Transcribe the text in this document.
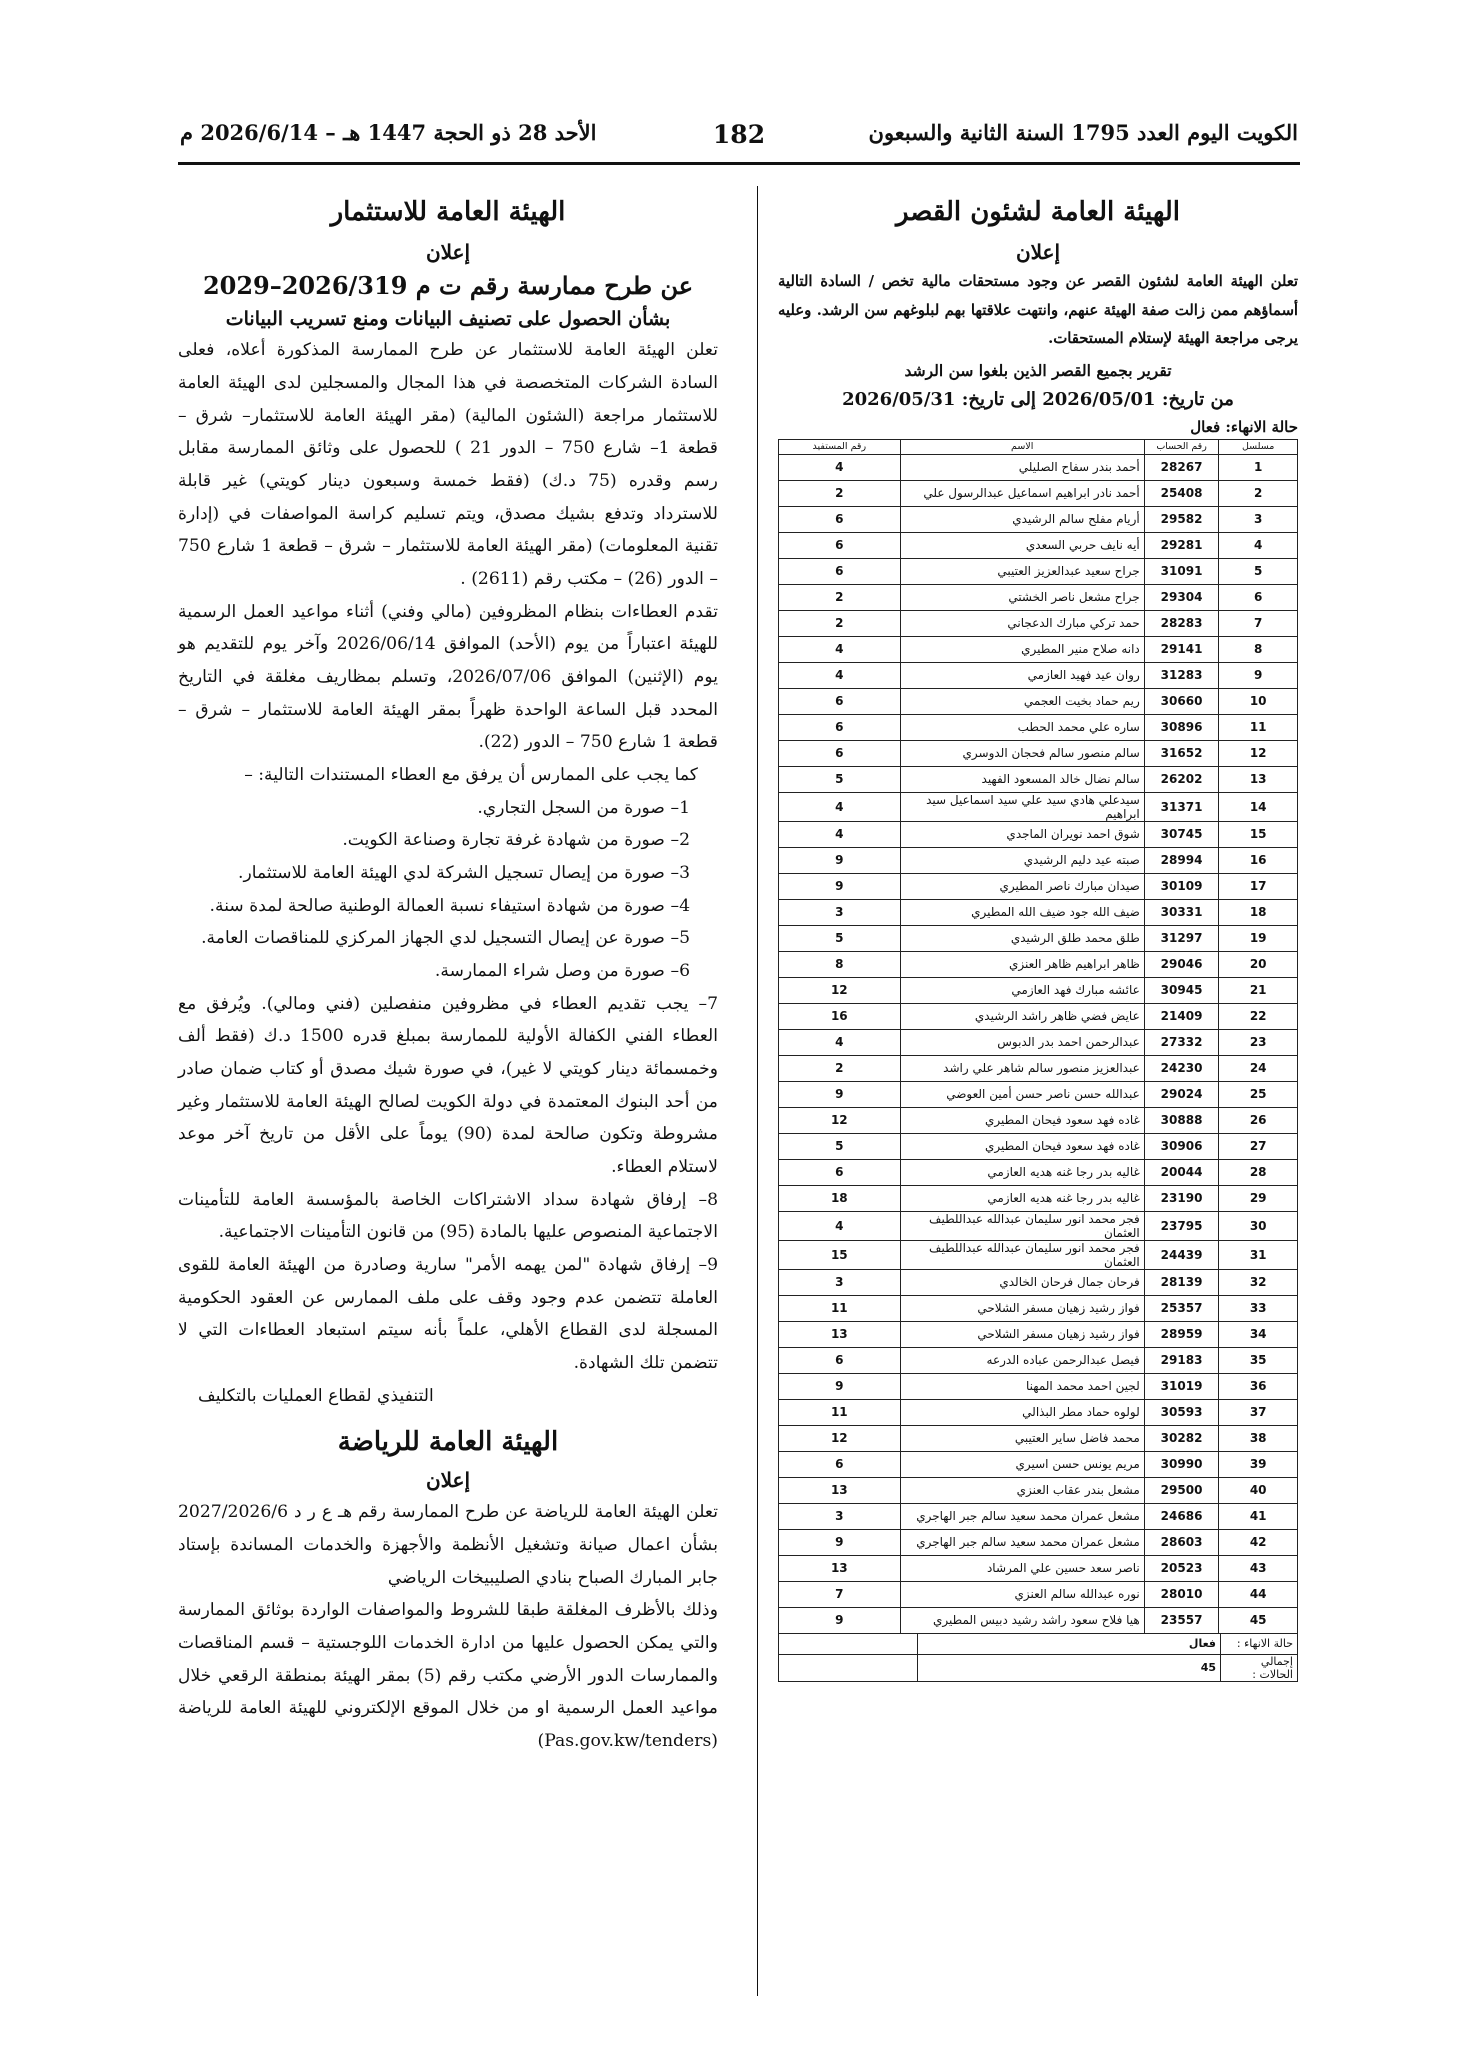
الكويت اليوم العدد 1795 السنة الثانية والسبعون
182
الأحد 28 ذو الحجة 1447 هـ – 2026/6/14 م
الهيئة العامة لشئون القصر

إعلان

تعلن الهيئة العامة لشئون القصر عن وجود مستحقات مالية تخص / السادة التالية أسماؤهم ممن زالت صفة الهيئة عنهم، وانتهت علاقتها بهم لبلوغهم سن الرشد. وعليه يرجى مراجعة الهيئة لإستلام المستحقات.

تقرير بجميع القصر الذين بلغوا سن الرشد

من تاريخ: 2026/05/01 إلى تاريخ: 2026/05/31

حالة الانهاء: فعال

مسلسل	رقم الحساب	الاسم	رقم المستفيد
1	28267	أحمد بندر سفاح الصليلي	4
2	25408	أحمد نادر ابراهيم اسماعيل عبدالرسول علي	2
3	29582	أريام مفلح سالم الرشيدي	6
4	29281	أيه نايف حربي السعدي	6
5	31091	جراح سعيد عبدالعزيز العتيبي	6
6	29304	جراح مشعل ناصر الخشتي	2
7	28283	حمد تركي مبارك الدعجاني	2
8	29141	دانه صلاح منير المطيري	4
9	31283	روان عيد فهيد العازمي	4
10	30660	ريم حماد بخيت العجمي	6
11	30896	ساره علي محمد الحطب	6
12	31652	سالم منصور سالم فحجان الدوسري	6
13	26202	سالم نضال خالد المسعود الفهيد	5
14	31371	سيدعلي هادي سيد علي سيد اسماعيل سيد ابراهيم	4
15	30745	شوق احمد نويران الماجدي	4
16	28994	صبته عيد دليم الرشيدي	9
17	30109	صيدان مبارك ناصر المطيري	9
18	30331	ضيف الله جود ضيف الله المطيري	3
19	31297	طلق محمد طلق الرشيدي	5
20	29046	ظاهر ابراهيم ظاهر العنزي	8
21	30945	عائشه مبارك فهد العازمي	12
22	21409	عايض فضي ظاهر راشد الرشيدي	16
23	27332	عبدالرحمن احمد بدر الدبوس	4
24	24230	عبدالعزيز منصور سالم شاهر علي راشد	2
25	29024	عبدالله حسن ناصر حسن أمين العوضي	9
26	30888	غاده فهد سعود فيحان المطيري	12
27	30906	غاده فهد سعود فيحان المطيري	5
28	20044	غاليه بدر رجا غنه هديه العازمي	6
29	23190	غاليه بدر رجا غنه هديه العازمي	18
30	23795	فجر محمد انور سليمان عبدالله عبداللطيف العثمان	4
31	24439	فجر محمد انور سليمان عبدالله عبداللطيف العثمان	15
32	28139	فرحان جمال فرحان الخالدي	3
33	25357	فواز رشيد زهيان مسفر الشلاحي	11
34	28959	فواز رشيد زهيان مسفر الشلاحي	13
35	29183	فيصل عبدالرحمن عباده الدرعه	6
36	31019	لجين احمد محمد المهنا	9
37	30593	لولوه حماد مطر البذالي	11
38	30282	محمد فاضل ساير العتيبي	12
39	30990	مريم يونس حسن اسيري	6
40	29500	مشعل بندر عقاب العنزي	13
41	24686	مشعل عمران محمد سعيد سالم جبر الهاجري	3
42	28603	مشعل عمران محمد سعيد سالم جبر الهاجري	9
43	20523	ناصر سعد حسين علي المرشاد	13
44	28010	نوره عبدالله سالم العنزي	7
45	23557	هيا فلاح سعود راشد رشيد دبيس المطيري	9
حالة الانهاء :	فعال	
إجمالي الحالات :	45	
الهيئة العامة للاستثمار

إعلان

عن طرح ممارسة رقم ت م 2026/319–2029

بشأن الحصول على تصنيف البيانات ومنع تسريب البيانات

تعلن الهيئة العامة للاستثمار عن طرح الممارسة المذكورة أعلاه، فعلى السادة الشركات المتخصصة في هذا المجال والمسجلين لدى الهيئة العامة للاستثمار مراجعة (الشئون المالية) (مقر الهيئة العامة للاستثمار– شرق – قطعة 1– شارع 750 – الدور 21 ) للحصول على وثائق الممارسة مقابل رسم وقدره (75 د.ك) (فقط خمسة وسبعون دينار كويتي) غير قابلة للاسترداد وتدفع بشيك مصدق، ويتم تسليم كراسة المواصفات في (إدارة تقنية المعلومات) (مقر الهيئة العامة للاستثمار – شرق – قطعة 1 شارع 750 – الدور (26) – مكتب رقم (2611) .

تقدم العطاءات بنظام المظروفين (مالي وفني) أثناء مواعيد العمل الرسمية للهيئة اعتباراً من يوم (الأحد) الموافق 2026/06/14 وآخر يوم للتقديم هو يوم (الإثنين) الموافق 2026/07/06، وتسلم بمظاريف مغلقة في التاريخ المحدد قبل الساعة الواحدة ظهراً بمقر الهيئة العامة للاستثمار – شرق – قطعة 1 شارع 750 – الدور (22).

كما يجب على الممارس أن يرفق مع العطاء المستندات التالية: –

1– صورة من السجل التجاري.

2– صورة من شهادة غرفة تجارة وصناعة الكويت.

3– صورة من إيصال تسجيل الشركة لدي الهيئة العامة للاستثمار.

4– صورة من شهادة استيفاء نسبة العمالة الوطنية صالحة لمدة سنة.

5– صورة عن إيصال التسجيل لدي الجهاز المركزي للمناقصات العامة.

6– صورة من وصل شراء الممارسة.

7– يجب تقديم العطاء في مظروفين منفصلين (فني ومالي). ويُرفق مع العطاء الفني الكفالة الأولية للممارسة بمبلغ قدره 1500 د.ك (فقط ألف وخمسمائة دينار كويتي لا غير)، في صورة شيك مصدق أو كتاب ضمان صادر من أحد البنوك المعتمدة في دولة الكويت لصالح الهيئة العامة للاستثمار وغير مشروطة وتكون صالحة لمدة (90) يوماً على الأقل من تاريخ آخر موعد لاستلام العطاء.

8– إرفاق شهادة سداد الاشتراكات الخاصة بالمؤسسة العامة للتأمينات الاجتماعية المنصوص عليها بالمادة (95) من قانون التأمينات الاجتماعية.

9– إرفاق شهادة "لمن يهمه الأمر" سارية وصادرة من الهيئة العامة للقوى العاملة تتضمن عدم وجود وقف على ملف الممارس عن العقود الحكومية المسجلة لدى القطاع الأهلي، علماً بأنه سيتم استبعاد العطاءات التي لا تتضمن تلك الشهادة.

التنفيذي لقطاع العمليات بالتكليف

الهيئة العامة للرياضة

إعلان

تعلن الهيئة العامة للرياضة عن طرح الممارسة رقم هـ ع ر د 2027/2026/6 بشأن اعمال صيانة وتشغيل الأنظمة والأجهزة والخدمات المساندة بإستاد جابر المبارك الصباح بنادي الصليبيخات الرياضي

وذلك بالأظرف المغلقة طبقا للشروط والمواصفات الواردة بوثائق الممارسة والتي يمكن الحصول عليها من ادارة الخدمات اللوجستية – قسم المناقصات والممارسات الدور الأرضي مكتب رقم (5) بمقر الهيئة بمنطقة الرقعي خلال مواعيد العمل الرسمية او من خلال الموقع الإلكتروني للهيئة العامة للرياضة (Pas.gov.kw/tenders)
